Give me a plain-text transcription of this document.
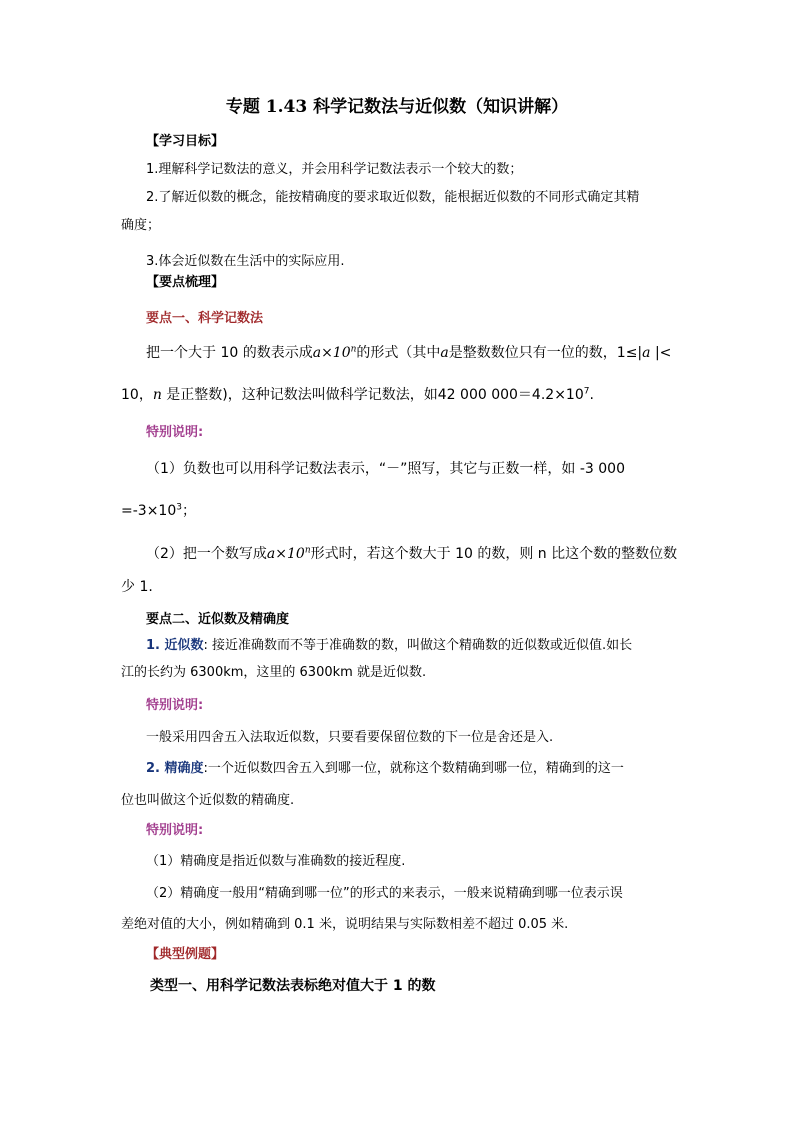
专题 1.43 科学记数法与近似数（知识讲解）
【学习目标】
1.理解科学记数法的意义，并会用科学记数法表示一个较大的数；
2.了解近似数的概念，能按精确度的要求取近似数，能根据近似数的不同形式确定其精
确度；
3.体会近似数在生活中的实际应用.
【要点梳理】
要点一、科学记数法
把一个大于 10 的数表示成$a\times 10^n$的形式（其中a是整数数位只有一位的数，1≤|a |<
10，n 是正整数)，这种记数法叫做科学记数法，如42 000 $000=4.2\times 10^7$.
特别说明:
（1）负数也可以用科学记数法表示，“－”照写，其它与正数一样，如 -3 000
$=-3\times 10^3$；
（2）把一个数写成$a\times 10^n$形式时，若这个数大于 10 的数，则 n 比这个数的整数位数
少 1.
要点二、近似数及精确度
1. 近似数: 接近准确数而不等于准确数的数，叫做这个精确数的近似数或近似值.如长
江的长约为 6300km，这里的 6300km 就是近似数.
特别说明:
一般采用四舍五入法取近似数，只要看要保留位数的下一位是舍还是入.
2. 精确度:一个近似数四舍五入到哪一位，就称这个数精确到哪一位，精确到的这一
位也叫做这个近似数的精确度.
特别说明:
（1）精确度是指近似数与准确数的接近程度.
（2）精确度一般用“精确到哪一位”的形式的来表示，一般来说精确到哪一位表示误
差绝对值的大小，例如精确到 0.1 米，说明结果与实际数相差不超过 0.05 米.
【典型例题】
类型一、用科学记数法表标绝对值大于 1 的数
